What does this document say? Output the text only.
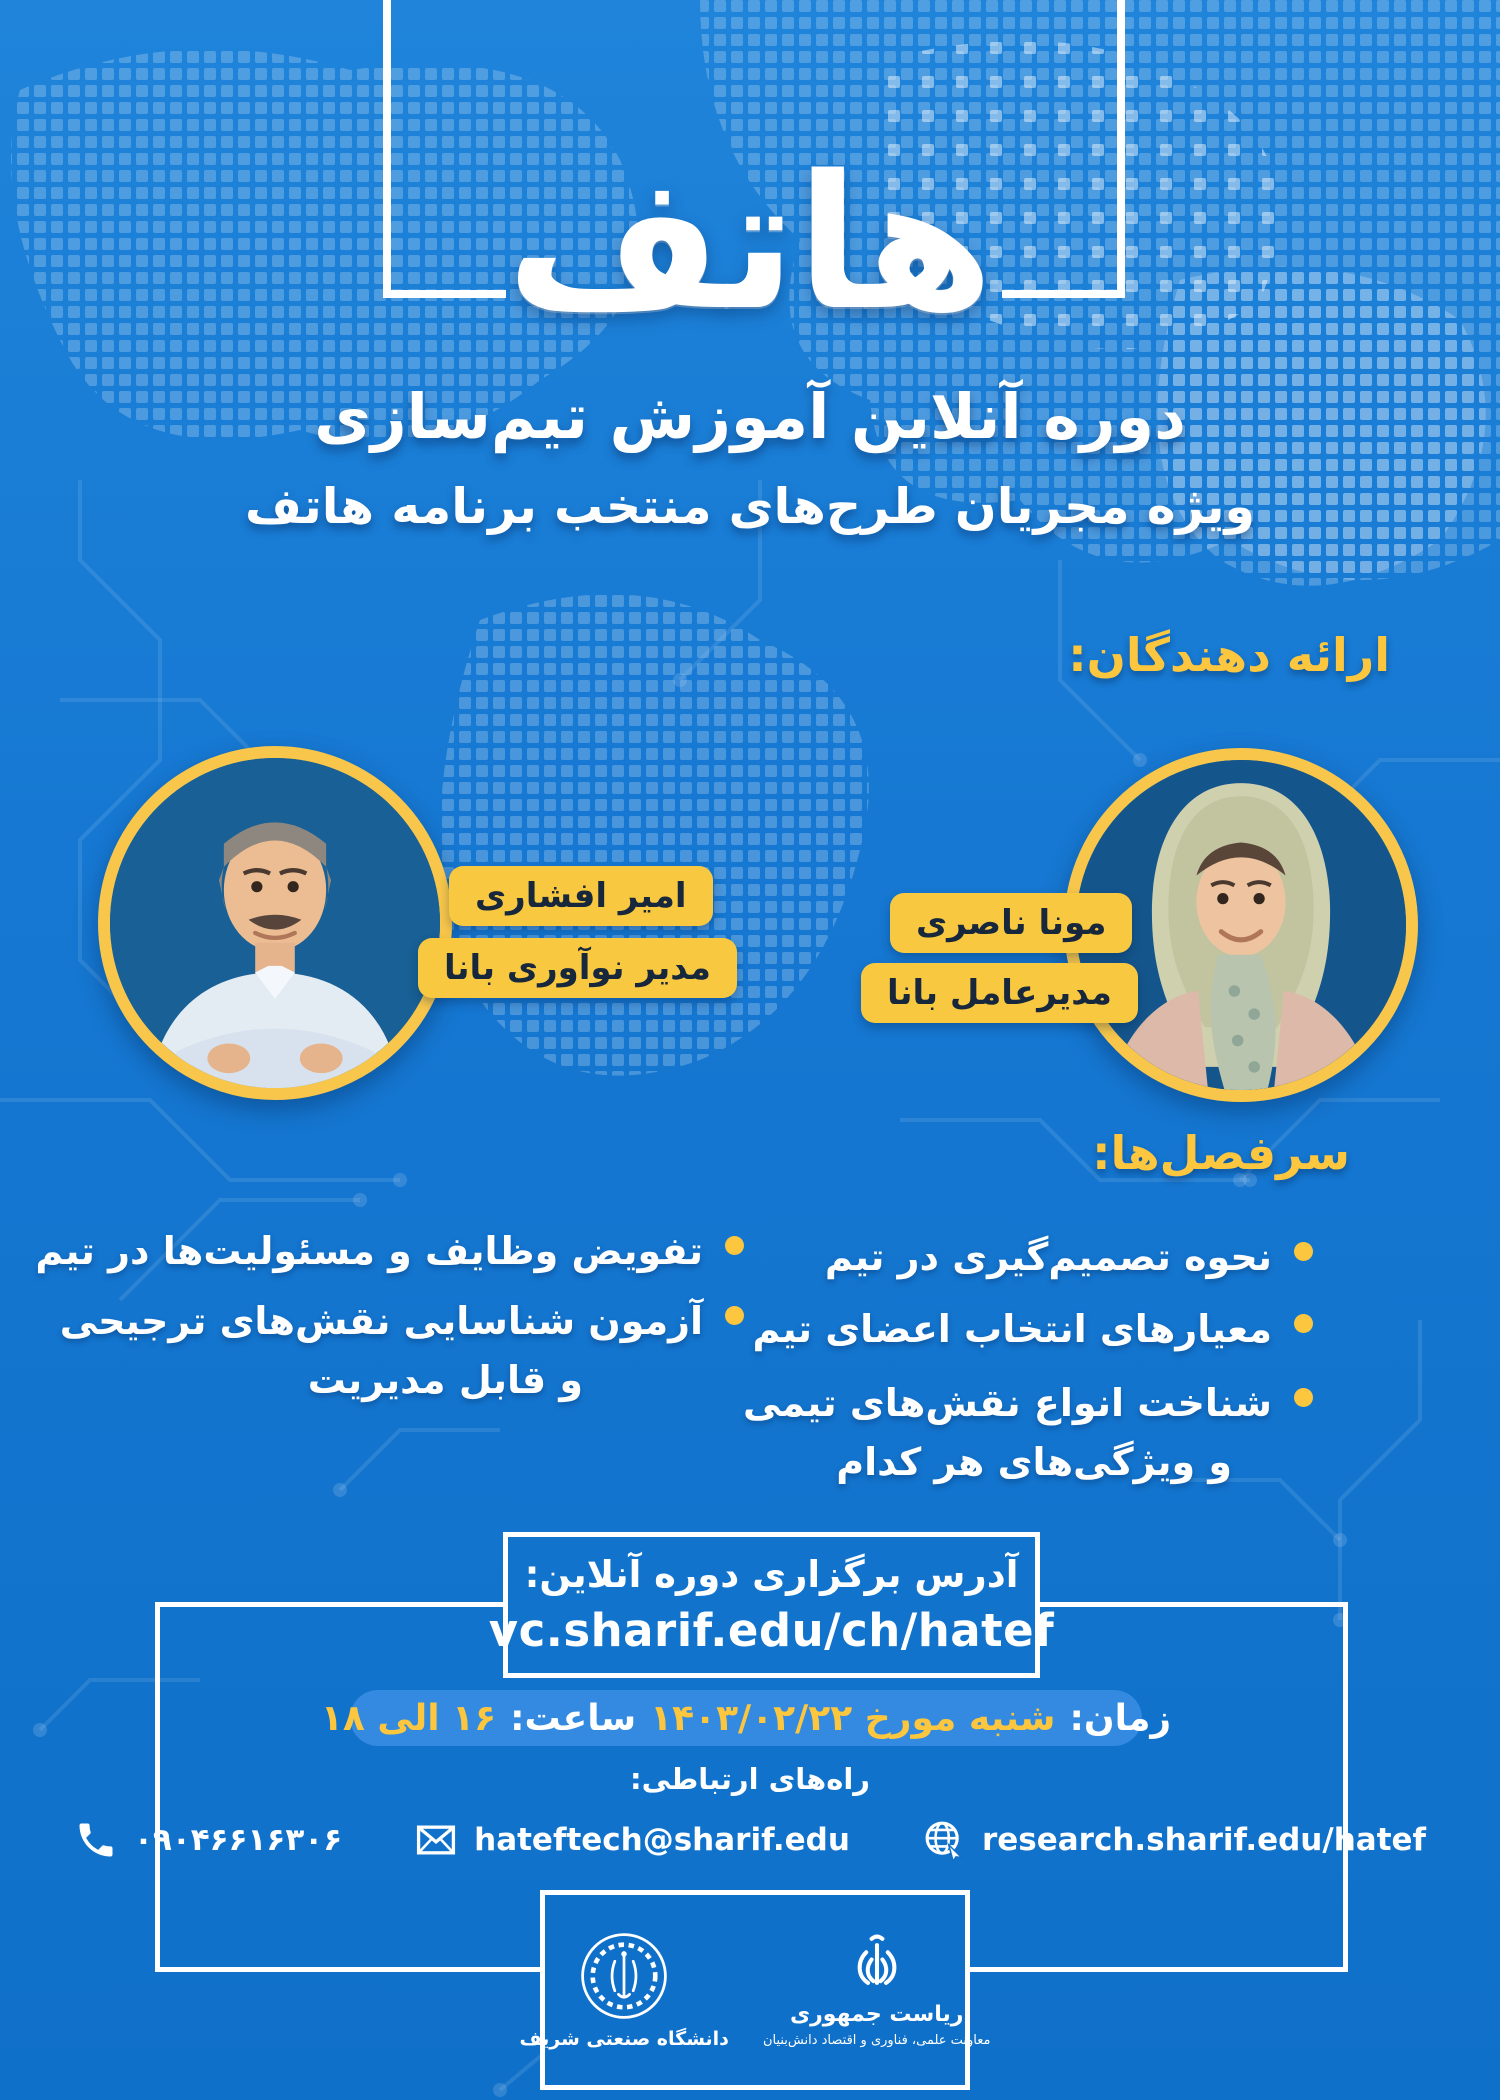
هاتف
دوره آنلاین آموزش تیم‌سازی
ویژه مجریان طرح‌های منتخب برنامه هاتف
ارائه دهندگان:
مونا ناصری
مدیرعامل بانا
امیر افشاری
مدیر نوآوری بانا
سرفصل‌ها:
نحوه تصمیم‌گیری در تیم
معیارهای انتخاب اعضای تیم
شناخت انواع نقش‌های تیمی
و ویژگی‌های هر کدام
تفویض وظایف و مسئولیت‌ها در تیم
آزمون شناسایی نقش‌های ترجیحی
و قابل مدیریت
آدرس برگزاری دوره آنلاین:
vc.sharif.edu/ch/hatef
زمان:
شنبه مورخ ۱۴۰۳/۰۲/۲۲
ساعت:
۱۶ الی ۱۸
راه‌های ارتباطی:
۰۹۰۴۶۶۱۶۳۰۶	hateftech@sharif.edu	research.sharif.edu/hatef
دانشگاه صنعتی شریف
ریاست جمهوری
معاونت علمی، فناوری و اقتصاد دانش‌بنیان
